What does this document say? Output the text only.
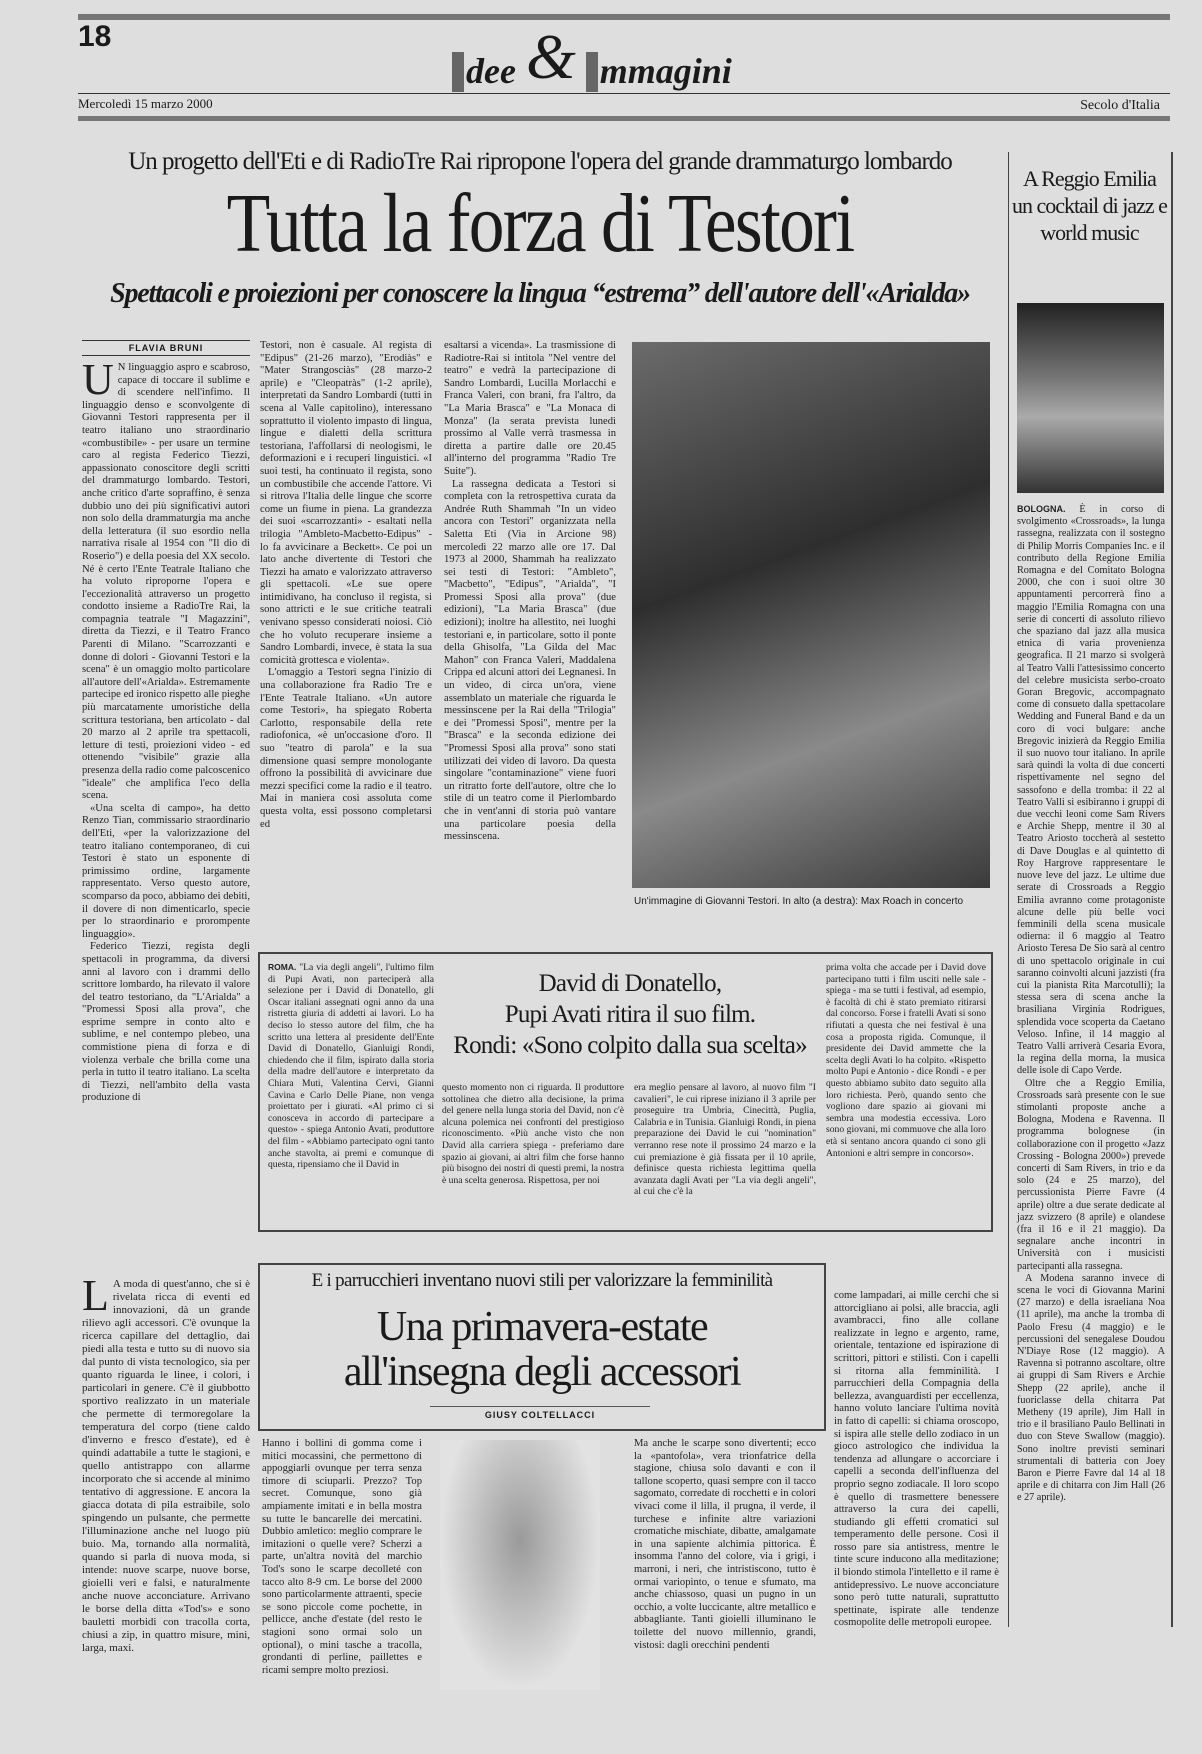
18
dee & mmagini
Mercoledì 15 marzo 2000	Secolo d'Italia
Un progetto dell'Eti e di RadioTre Rai ripropone l'opera del grande drammaturgo lombardo
Tutta la forza di Testori
Spettacoli e proiezioni per conoscere la lingua “estrema” dell'autore dell'«Arialda»
FLAVIA BRUNI
U N linguaggio aspro e scabroso, capace di toccare il sublime e di scendere nell'infimo. Il linguaggio denso e sconvolgente di Giovanni Testori rappresenta per il teatro italiano uno straordinario «combustibile» - per usare un termine caro al regista Federico Tiezzi, appassionato conoscitore degli scritti del drammaturgo lombardo. Testori, anche critico d'arte sopraffino, è senza dubbio uno dei più significativi autori non solo della drammaturgia ma anche della letteratura (il suo esordio nella narrativa risale al 1954 con "Il dio di Roserio") e della poesia del XX secolo. Né è certo l'Ente Teatrale Italiano che ha voluto riproporne l'opera e l'eccezionalità attraverso un progetto condotto insieme a RadioTre Rai, la compagnia teatrale "I Magazzini", diretta da Tiezzi, e il Teatro Franco Parenti di Milano. "Scarrozzanti e donne di dolori - Giovanni Testori e la scena" è un omaggio molto particolare all'autore dell'«Arialda». Estremamente partecipe ed ironico rispetto alle pieghe più marcatamente umoristiche della scrittura testoriana, ben articolato - dal 20 marzo al 2 aprile tra spettacoli, letture di testi, proiezioni video - ed ottenendo "visibile" grazie alla presenza della radio come palcoscenico "ideale" che amplifica l'eco della scena.

«Una scelta di campo», ha detto Renzo Tian, commissario straordinario dell'Eti, «per la valorizzazione del teatro italiano contemporaneo, di cui Testori è stato un esponente di primissimo ordine, largamente rappresentato. Verso questo autore, scomparso da poco, abbiamo dei debiti, il dovere di non dimenticarlo, specie per lo straordinario e prorompente linguaggio».

Federico Tiezzi, regista degli spettacoli in programma, da diversi anni al lavoro con i drammi dello scrittore lombardo, ha rilevato il valore del teatro testoriano, da "L'Arialda" a "Promessi Sposi alla prova", che esprime sempre in conto alto e sublime, e nel contempo plebeo, una commistione piena di forza e di violenza verbale che brilla come una perla in tutto il teatro italiano. La scelta di Tiezzi, nell'ambito della vasta produzione di

Testori, non è casuale. Al regista di "Edipus" (21-26 marzo), "Erodiàs" e "Mater Strangosciàs" (28 marzo-2 aprile) e "Cleopatràs" (1-2 aprile), interpretati da Sandro Lombardi (tutti in scena al Valle capitolino), interessano soprattutto il violento impasto di lingua, lingue e dialetti della scrittura testoriana, l'affollarsi di neologismi, le deformazioni e i recuperi linguistici. «I suoi testi, ha continuato il regista, sono un combustibile che accende l'attore. Vi si ritrova l'Italia delle lingue che scorre come un fiume in piena. La grandezza dei suoi «scarrozzanti» - esaltati nella trilogia "Ambleto-Macbetto-Edipus" - lo fa avvicinare a Beckett». Ce poi un lato anche divertente di Testori che Tiezzi ha amato e valorizzato attraverso gli spettacoli. «Le sue opere intimidivano, ha concluso il regista, si sono attricti e le sue critiche teatrali venivano spesso considerati noiosi. Ciò che ho voluto recuperare insieme a Sandro Lombardi, invece, è stata la sua comicità grottesca e violenta».

L'omaggio a Testori segna l'inizio di una collaborazione fra Radio Tre e l'Ente Teatrale Italiano. «Un autore come Testori», ha spiegato Roberta Carlotto, responsabile della rete radiofonica, «è un'occasione d'oro. Il suo "teatro di parola" e la sua dimensione quasi sempre monologante offrono la possibilità di avvicinare due mezzi specifici come la radio e il teatro. Mai in maniera così assoluta come questa volta, essi possono completarsi ed

esaltarsi a vicenda». La trasmissione di Radiotre-Rai si intitola "Nel ventre del teatro" e vedrà la partecipazione di Sandro Lombardi, Lucilla Morlacchi e Franca Valeri, con brani, fra l'altro, da "La Maria Brasca" e "La Monaca di Monza" (la serata prevista lunedì prossimo al Valle verrà trasmessa in diretta a partire dalle ore 20.45 all'interno del programma "Radio Tre Suite").

La rassegna dedicata a Testori si completa con la retrospettiva curata da Andrée Ruth Shammah "In un video ancora con Testori" organizzata nella Saletta Eti (Via in Arcione 98) mercoledì 22 marzo alle ore 17. Dal 1973 al 2000, Shammah ha realizzato sei testi di Testori: "Ambleto", "Macbetto", "Edipus", "Arialda", "I Promessi Sposi alla prova" (due edizioni), "La Maria Brasca" (due edizioni); inoltre ha allestito, nei luoghi testoriani e, in particolare, sotto il ponte della Ghisolfa, "La Gilda del Mac Mahon" con Franca Valeri, Maddalena Crippa ed alcuni attori dei Legnanesi. In un video, di circa un'ora, viene assemblato un materiale che riguarda le messinscene per la Rai della "Trilogia" e dei "Promessi Sposi", mentre per la "Brasca" e la seconda edizione dei "Promessi Sposi alla prova" sono stati utilizzati dei video di lavoro. Da questa singolare "contaminazione" viene fuori un ritratto forte dell'autore, oltre che lo stile di un teatro come il Pierlombardo che in vent'anni di storia può vantare una particolare poesia della messinscena.

Un'immagine di Giovanni Testori. In alto (a destra): Max Roach in concerto
A Reggio Emilia un cocktail di jazz e world music
BOLOGNA. È in corso di svolgimento «Crossroads», la lunga rassegna, realizzata con il sostegno di Philip Morris Companies Inc. e il contributo della Regione Emilia Romagna e del Comitato Bologna 2000, che con i suoi oltre 30 appuntamenti percorrerà fino a maggio l'Emilia Romagna con una serie di concerti di assoluto rilievo che spaziano dal jazz alla musica etnica di varia provenienza geografica. Il 21 marzo si svolgerà al Teatro Valli l'attesissimo concerto del celebre musicista serbo-croato Goran Bregovic, accompagnato come di consueto dalla spettacolare Wedding and Funeral Band e da un coro di voci bulgare: anche Bregovic inizierà da Reggio Emilia il suo nuovo tour italiano. In aprile sarà quindi la volta di due concerti rispettivamente nel segno del sassofono e della tromba: il 22 al Teatro Valli si esibiranno i gruppi di due vecchi leoni come Sam Rivers e Archie Shepp, mentre il 30 al Teatro Ariosto toccherà al sestetto di Dave Douglas e al quintetto di Roy Hargrove rappresentare le nuove leve del jazz. Le ultime due serate di Crossroads a Reggio Emilia avranno come protagoniste alcune delle più belle voci femminili della scena musicale odierna: il 6 maggio al Teatro Ariosto Teresa De Sio sarà al centro di uno spettacolo originale in cui saranno coinvolti alcuni jazzisti (fra cui la pianista Rita Marcotulli); la stessa sera di scena anche la brasiliana Virginia Rodrigues, splendida voce scoperta da Caetano Veloso. Infine, il 14 maggio al Teatro Valli arriverà Cesaria Evora, la regina della morna, la musica delle isole di Capo Verde.

Oltre che a Reggio Emilia, Crossroads sarà presente con le sue stimolanti proposte anche a Bologna, Modena e Ravenna. Il programma bolognese (in collaborazione con il progetto «Jazz Crossing - Bologna 2000») prevede concerti di Sam Rivers, in trio e da solo (24 e 25 marzo), del percussionista Pierre Favre (4 aprile) oltre a due serate dedicate al jazz svizzero (8 aprile) e olandese (fra il 16 e il 21 maggio). Da segnalare anche incontri in Università con i musicisti partecipanti alla rassegna.

A Modena saranno invece di scena le voci di Giovanna Marini (27 marzo) e della israeliana Noa (11 aprile), ma anche la tromba di Paolo Fresu (4 maggio) e le percussioni del senegalese Doudou N'Diaye Rose (12 maggio). A Ravenna si potranno ascoltare, oltre ai gruppi di Sam Rivers e Archie Shepp (22 aprile), anche il fuoriclasse della chitarra Pat Metheny (19 aprile), Jim Hall in trio e il brasiliano Paulo Bellinati in duo con Steve Swallow (maggio). Sono inoltre previsti seminari strumentali di batteria con Joey Baron e Pierre Favre dal 14 al 18 aprile e di chitarra con Jim Hall (26 e 27 aprile).

ROMA. "La via degli angeli", l'ultimo film di Pupi Avati, non parteciperà alla selezione per i David di Donatello, gli Oscar italiani assegnati ogni anno da una ristretta giuria di addetti ai lavori. Lo ha deciso lo stesso autore del film, che ha scritto una lettera al presidente dell'Ente David di Donatello, Gianluigi Rondi, chiedendo che il film, ispirato dalla storia della madre dell'autore e interpretato da Chiara Muti, Valentina Cervi, Gianni Cavina e Carlo Delle Piane, non venga proiettato per i giurati. «Al primo ci si conosceva in accordo di partecipare a questo» - spiega Antonio Avati, produttore del film - «Abbiamo partecipato ogni tanto anche stavolta, ai premi e comunque di questa, ripensiamo che il David in
David di Donatello,
Pupi Avati ritira il suo film.
Rondi: «Sono colpito dalla sua scelta»
questo momento non ci riguarda. Il produttore sottolinea che dietro alla decisione, la prima del genere nella lunga storia del David, non c'è alcuna polemica nei confronti del prestigioso riconoscimento. «Più anche visto che non David alla carriera spiega - preferiamo dare spazio ai giovani, ai altri film che forse hanno più bisogno dei nostri di questi premi, la nostra è una scelta generosa. Rispettosa, per noi
era meglio pensare al lavoro, al nuovo film "I cavalieri", le cui riprese iniziano il 3 aprile per proseguire tra Umbria, Cinecittà, Puglia, Calabria e in Tunisia. Gianluigi Rondi, in piena preparazione dei David le cui "nomination" verranno rese note il prossimo 24 marzo e la cui premiazione è già fissata per il 10 aprile, definisce questa richiesta legittima quella avanzata dagli Avati per "La via degli angeli", al cui che c'è la
prima volta che accade per i David dove partecipano tutti i film usciti nelle sale - spiega - ma se tutti i festival, ad esempio, è facoltà di chi è stato premiato ritirarsi dal concorso. Forse i fratelli Avati si sono rifiutati a questa che nei festival è una cosa a proposta rigida. Comunque, il presidente dei David ammette che la scelta degli Avati lo ha colpito. «Rispetto molto Pupi e Antonio - dice Rondi - e per questo abbiamo subito dato seguito alla loro richiesta. Però, quando sento che vogliono dare spazio ai giovani mi sembra una modestia eccessiva. Loro sono giovani, mi commuove che alla loro età si sentano ancora quando ci sono gli Antonioni e altri sempre in concorso».
L A moda di quest'anno, che si è rivelata ricca di eventi ed innovazioni, dà un grande rilievo agli accessori. C'è ovunque la ricerca capillare del dettaglio, dai piedi alla testa e tutto su di nuovo sia dal punto di vista tecnologico, sia per quanto riguarda le linee, i colori, i particolari in genere. C'è il giubbotto sportivo realizzato in un materiale che permette di termoregolare la temperatura del corpo (tiene caldo d'inverno e fresco d'estate), ed è quindi adattabile a tutte le stagioni, e quello antistrappo con allarme incorporato che si accende al minimo tentativo di aggressione. E ancora la giacca dotata di pila estraibile, solo spingendo un pulsante, che permette l'illuminazione anche nel luogo più buio. Ma, tornando alla normalità, quando si parla di nuova moda, si intende: nuove scarpe, nuove borse, gioielli veri e falsi, e naturalmente anche nuove acconciature. Arrivano le borse della ditta «Tod's» e sono bauletti morbidi con tracolla corta, chiusi a zip, in quattro misure, mini, larga, maxi.
E i parrucchieri inventano nuovi stili per valorizzare la femminilità
Una primavera-estate
all'insegna degli accessori
GIUSY COLTELLACCI
Hanno i bollini di gomma come i mitici mocassini, che permettono di appoggiarli ovunque per terra senza timore di sciuparli. Prezzo? Top secret. Comunque, sono già ampiamente imitati e in bella mostra su tutte le bancarelle dei mercatini. Dubbio amletico: meglio comprare le imitazioni o quelle vere? Scherzi a parte, un'altra novità del marchio Tod's sono le scarpe decolleté con tacco alto 8-9 cm. Le borse del 2000 sono particolarmente attraenti, specie se sono piccole come pochette, in pellicce, anche d'estate (del resto le stagioni sono ormai solo un optional), o mini tasche a tracolla, grondanti di perline, paillettes e ricami sempre molto preziosi.
Ma anche le scarpe sono divertenti; ecco la «pantofola», vera trionfatrice della stagione, chiusa solo davanti e con il tallone scoperto, quasi sempre con il tacco sagomato, corredate di rocchetti e in colori vivaci come il lilla, il prugna, il verde, il turchese e infinite altre variazioni cromatiche mischiate, dibatte, amalgamate in una sapiente alchimia pittorica. È insomma l'anno del colore, via i grigi, i marroni, i neri, che intristiscono, tutto è ormai variopinto, o tenue e sfumato, ma anche chiassoso, quasi un pugno in un occhio, a volte luccicante, altre metallico e abbagliante. Tanti gioielli illuminano le toilette del nuovo millennio, grandi, vistosi: dagli orecchini pendenti
come lampadari, ai mille cerchi che si attorcigliano ai polsi, alle braccia, agli avambracci, fino alle collane realizzate in legno e argento, rame, orientale, tentazione ed ispirazione di scrittori, pittori e stilisti. Con i capelli si ritorna alla femminilità. I parrucchieri della Compagnia della bellezza, avanguardisti per eccellenza, hanno voluto lanciare l'ultima novità in fatto di capelli: si chiama oroscopo, si ispira alle stelle dello zodiaco in un gioco astrologico che individua la tendenza ad allungare o accorciare i capelli a seconda dell'influenza del proprio segno zodiacale. Il loro scopo è quello di trasmettere benessere attraverso la cura dei capelli, studiando gli effetti cromatici sul temperamento delle persone. Così il rosso pare sia antistress, mentre le tinte scure inducono alla meditazione; il biondo stimola l'intelletto e il rame è antidepressivo. Le nuove acconciature sono però tutte naturali, suprattutto spettinate, ispirate alle tendenze cosmopolite delle metropoli europee.
